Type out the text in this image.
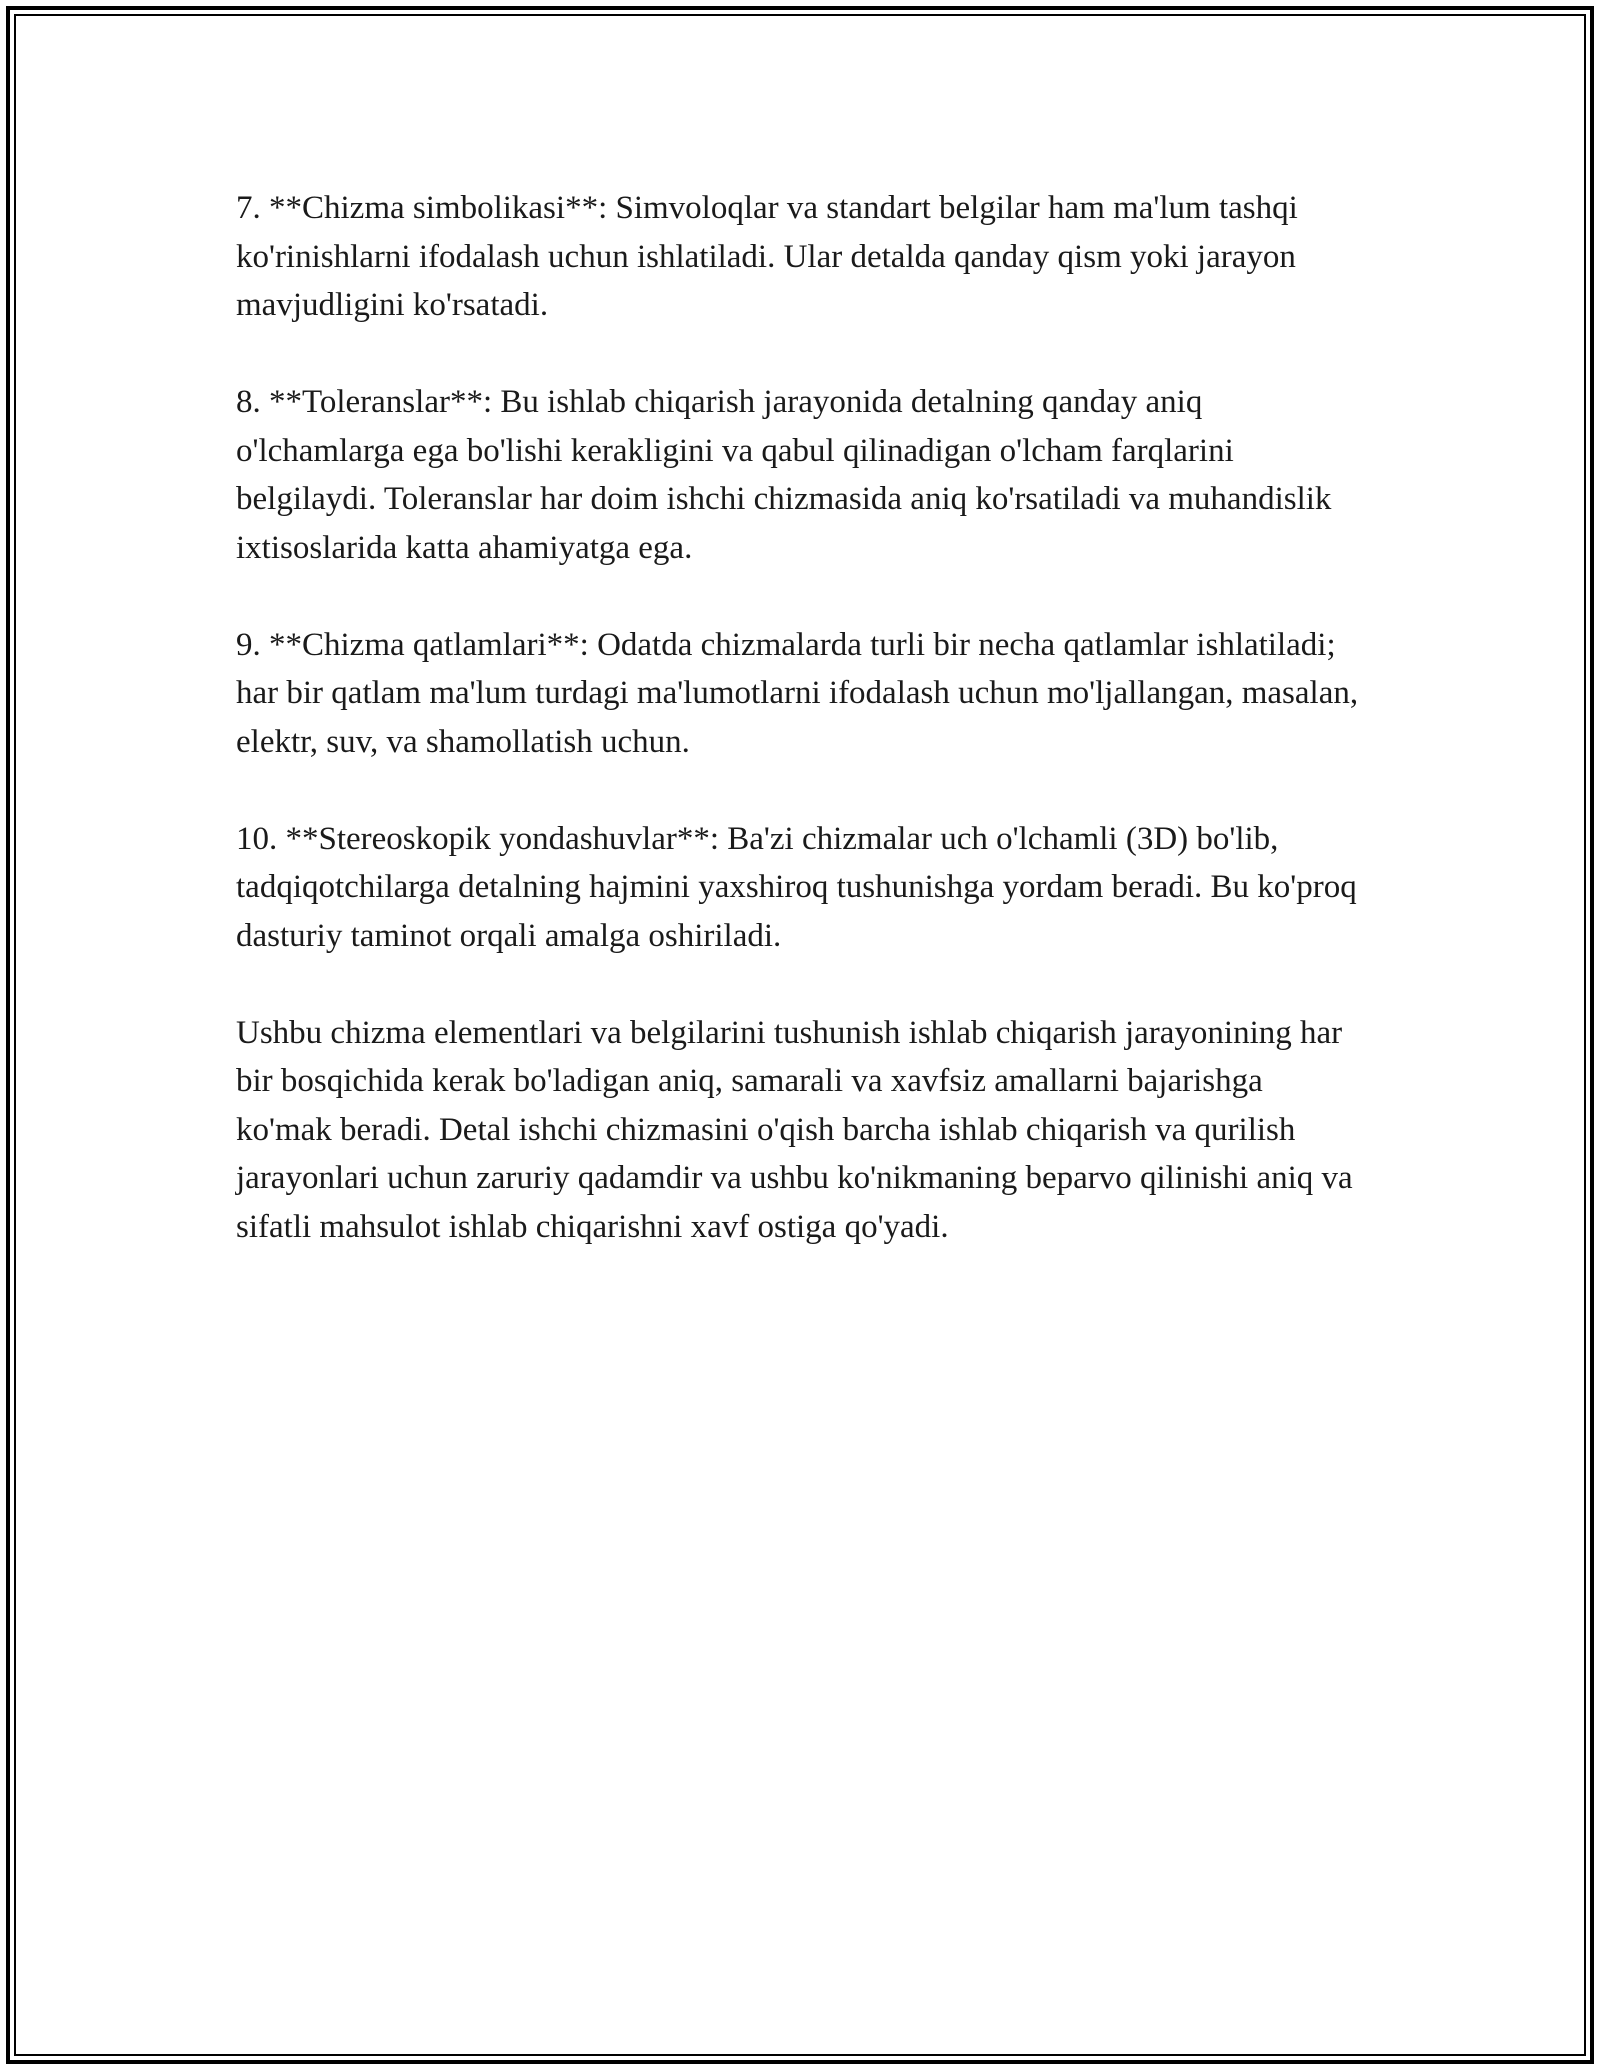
7. **Chizma simbolikasi**: Simvoloqlar va standart belgilar ham ma'lum tashqi ko'rinishlarni ifodalash uchun ishlatiladi. Ular detalda qanday qism yoki jarayon mavjudligini ko'rsatadi.

8. **Toleranslar**: Bu ishlab chiqarish jarayonida detalning qanday aniq o'lchamlarga ega bo'lishi kerakligini va qabul qilinadigan o'lcham farqlarini belgilaydi. Toleranslar har doim ishchi chizmasida aniq ko'rsatiladi va muhandislik ixtisoslarida katta ahamiyatga ega.

9. **Chizma qatlamlari**: Odatda chizmalarda turli bir necha qatlamlar ishlatiladi; har bir qatlam ma'lum turdagi ma'lumotlarni ifodalash uchun mo'ljallangan, masalan, elektr, suv, va shamollatish uchun.

10. **Stereoskopik yondashuvlar**: Ba'zi chizmalar uch o'lchamli (3D) bo'lib, tadqiqotchilarga detalning hajmini yaxshiroq tushunishga yordam beradi. Bu ko'proq dasturiy taminot orqali amalga oshiriladi.

Ushbu chizma elementlari va belgilarini tushunish ishlab chiqarish jarayonining har bir bosqichida kerak bo'ladigan aniq, samarali va xavfsiz amallarni bajarishga ko'mak beradi. Detal ishchi chizmasini o'qish barcha ishlab chiqarish va qurilish jarayonlari uchun zaruriy qadamdir va ushbu ko'nikmaning beparvo qilinishi aniq va sifatli mahsulot ishlab chiqarishni xavf ostiga qo'yadi.
